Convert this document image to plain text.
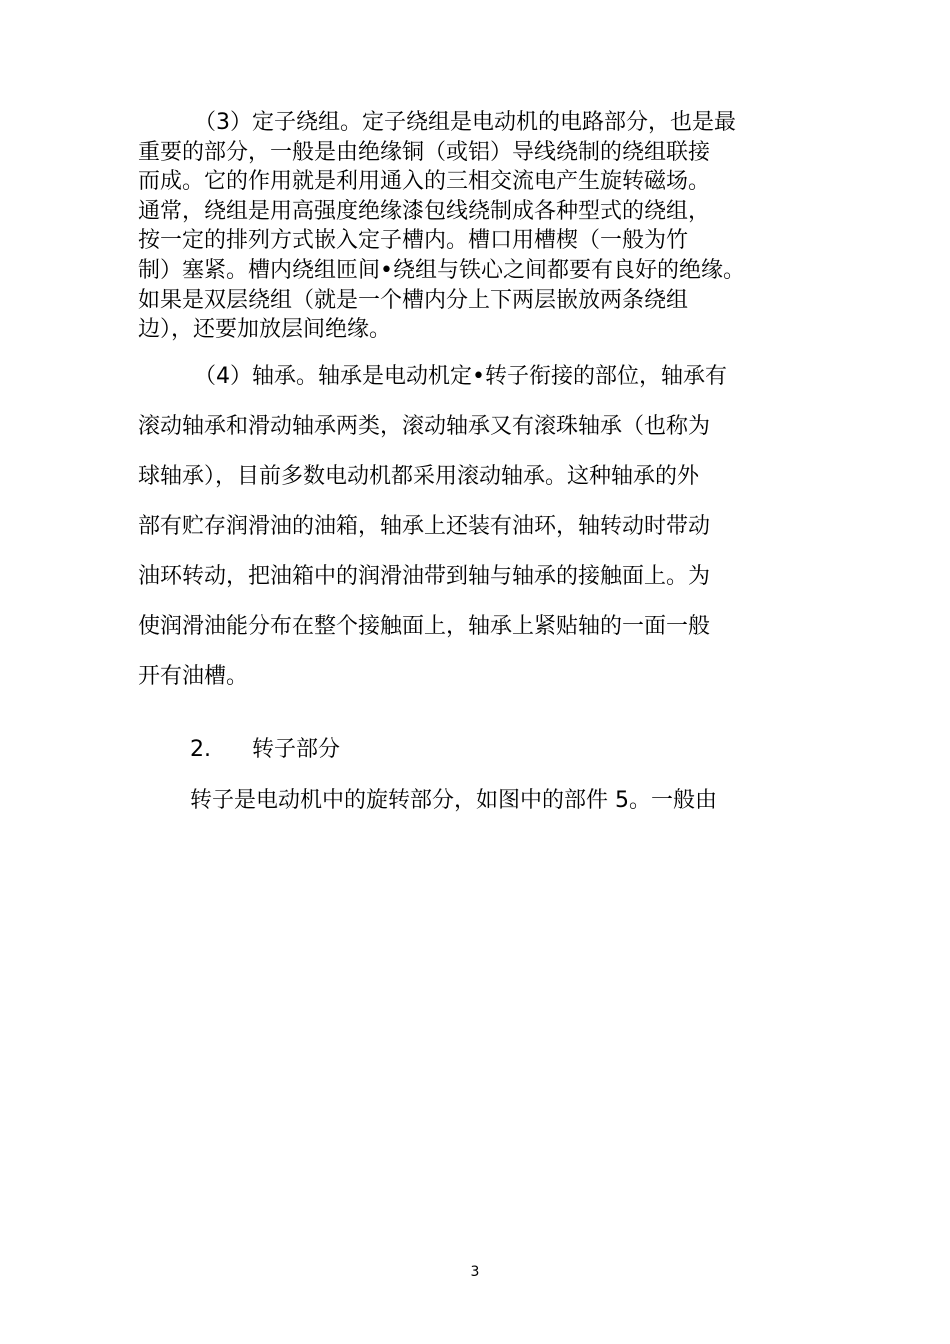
（3）定子绕组。定子绕组是电动机的电路部分，也是最
重要的部分，一般是由绝缘铜（或铝）导线绕制的绕组联接
而成。它的作用就是利用通入的三相交流电产生旋转磁场。
通常，绕组是用高强度绝缘漆包线绕制成各种型式的绕组，
按一定的排列方式嵌入定子槽内。槽口用槽楔（一般为竹
制）塞紧。槽内绕组匝间•绕组与铁心之间都要有良好的绝缘。
如果是双层绕组（就是一个槽内分上下两层嵌放两条绕组
边），还要加放层间绝缘。

（4）轴承。轴承是电动机定•转子衔接的部位，轴承有
滚动轴承和滑动轴承两类，滚动轴承又有滚珠轴承（也称为
球轴承），目前多数电动机都采用滚动轴承。这种轴承的外
部有贮存润滑油的油箱，轴承上还装有油环，轴转动时带动
油环转动，把油箱中的润滑油带到轴与轴承的接触面上。为
使润滑油能分布在整个接触面上，轴承上紧贴轴的一面一般
开有油槽。

2. 转子部分

转子是电动机中的旋转部分，如图中的部件 5。一般由

3
